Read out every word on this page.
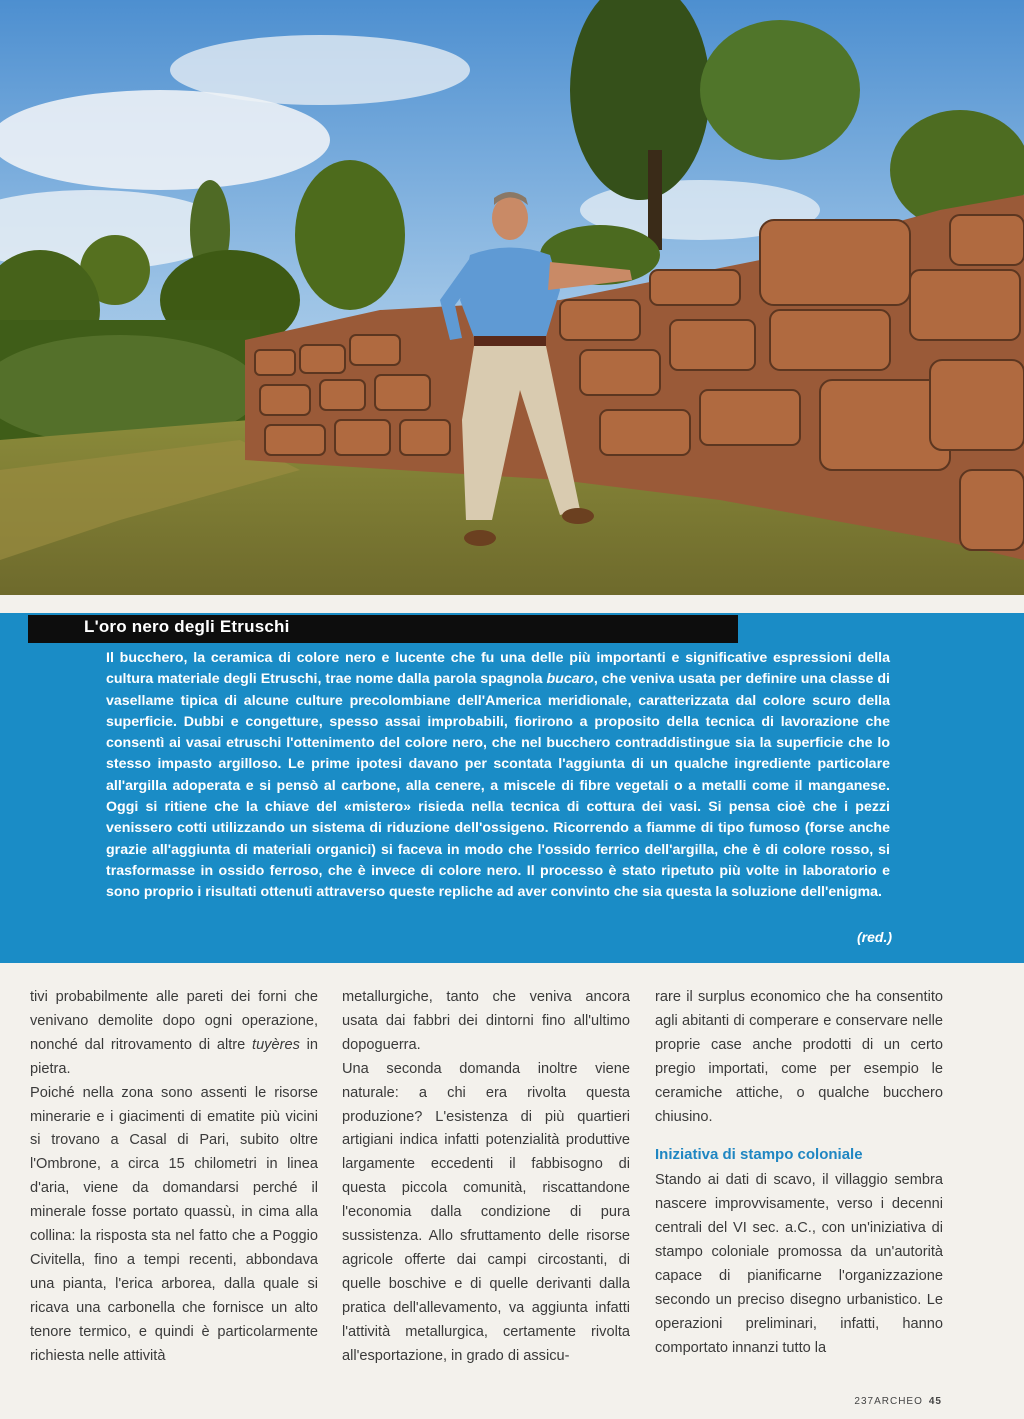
L'oro nero degli Etruschi

Il bucchero, la ceramica di colore nero e lucente che fu una delle più importanti e significative espressioni della cultura materiale degli Etruschi, trae nome dalla parola spagnola bucaro, che veniva usata per definire una classe di vasellame tipica di alcune culture precolombiane dell'America meridionale, caratterizzata dal colore scuro della superficie. Dubbi e congetture, spesso assai improbabili, fiorirono a proposito della tecnica di lavorazione che consentì ai vasai etruschi l'ottenimento del colore nero, che nel bucchero contraddistingue sia la superficie che lo stesso impasto argilloso. Le prime ipotesi davano per scontata l'aggiunta di un qualche ingrediente particolare all'argilla adoperata e si pensò al carbone, alla cenere, a miscele di fibre vegetali o a metalli come il manganese. Oggi si ritiene che la chiave del «mistero» risieda nella tecnica di cottura dei vasi. Si pensa cioè che i pezzi venissero cotti utilizzando un sistema di riduzione dell'ossigeno. Ricorrendo a fiamme di tipo fumoso (forse anche grazie all'aggiunta di materiali organici) si faceva in modo che l'ossido ferrico dell'argilla, che è di colore rosso, si trasformasse in ossido ferroso, che è invece di colore nero. Il processo è stato ripetuto più volte in laboratorio e sono proprio i risultati ottenuti attraverso queste repliche ad aver convinto che sia questa la soluzione dell'enigma.

(red.)

tivi probabilmente alle pareti dei forni che venivano demolite dopo ogni operazione, nonché dal ritrovamento di altre tuyères in pietra.

Poiché nella zona sono assenti le risorse minerarie e i giacimenti di ematite più vicini si trovano a Casal di Pari, subito oltre l'Ombrone, a circa 15 chilometri in linea d'aria, viene da domandarsi perché il minerale fosse portato quassù, in cima alla collina: la risposta sta nel fatto che a Poggio Civitella, fino a tempi recenti, abbondava una pianta, l'erica arborea, dalla quale si ricava una carbonella che fornisce un alto tenore termico, e quindi è particolarmente richiesta nelle attività

metallurgiche, tanto che veniva ancora usata dai fabbri dei dintorni fino all'ultimo dopoguerra.

Una seconda domanda inoltre viene naturale: a chi era rivolta questa produzione? L'esistenza di più quartieri artigiani indica infatti potenzialità produttive largamente eccedenti il fabbisogno di questa piccola comunità, riscattandone l'economia dalla condizione di pura sussistenza. Allo sfruttamento delle risorse agricole offerte dai campi circostanti, di quelle boschive e di quelle derivanti dalla pratica dell'allevamento, va aggiunta infatti l'attività metallurgica, certamente rivolta all'esportazione, in grado di assicu-

rare il surplus economico che ha consentito agli abitanti di comperare e conservare nelle proprie case anche prodotti di un certo pregio importati, come per esempio le ceramiche attiche, o qualche bucchero chiusino.

Iniziativa di stampo coloniale

Stando ai dati di scavo, il villaggio sembra nascere improvvisamente, verso i decenni centrali del VI sec. a.C., con un'iniziativa di stampo coloniale promossa da un'autorità capace di pianificarne l'organizzazione secondo un preciso disegno urbanistico. Le operazioni preliminari, infatti, hanno comportato innanzi tutto la

237ARCHEO 45
